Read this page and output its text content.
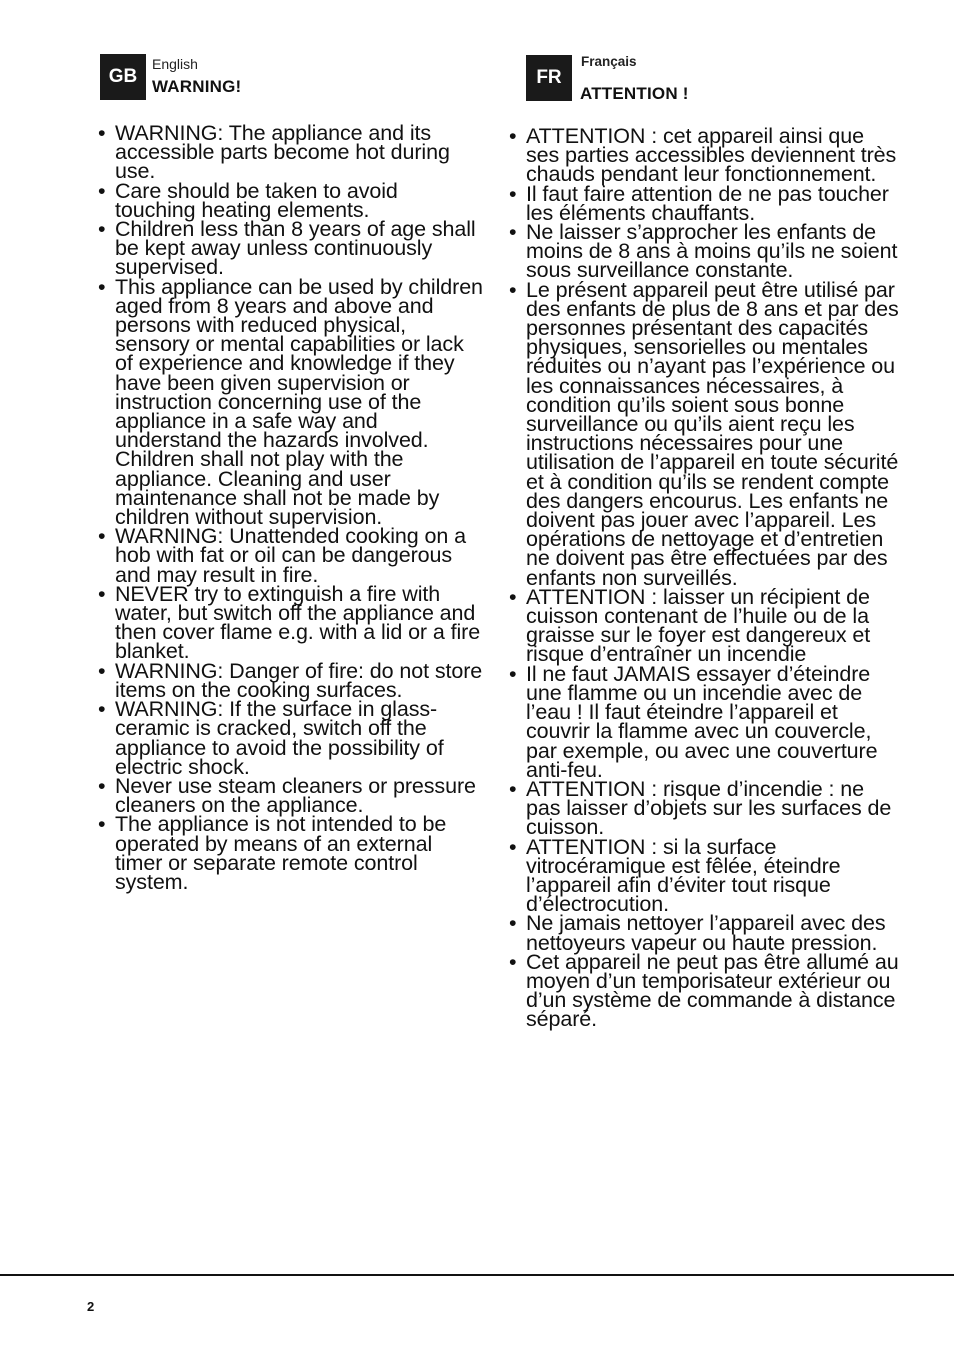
GB
English
WARNING!	FR
Français
ATTENTION !
• WARNING: The appliance and its accessible parts become hot during use.
• Care should be taken to avoid touching heating elements.
• Children less than 8 years of age shall be kept away unless continuously supervised.
• This appliance can be used by children aged from 8 years and above and persons with reduced physical, sensory or mental capabilities or lack of experience and knowledge if they have been given supervision or instruction concerning use of the appliance in a safe way and understand the hazards involved. Children shall not play with the appliance. Cleaning and user maintenance shall not be made by children without supervision.
• WARNING: Unattended cooking on a hob with fat or oil can be dangerous and may result in fire.
• NEVER try to extinguish a fire with water, but switch off the appliance and then cover flame e.g. with a lid or a fire blanket.
• WARNING: Danger of fire: do not store items on the cooking surfaces.
• WARNING: If the surface in glass-ceramic is cracked, switch off the appliance to avoid the possibility of electric shock.
• Never use steam cleaners or pressure cleaners on the appliance.
• The appliance is not intended to be operated by means of an external timer or separate remote control system.
• ATTENTION : cet appareil ainsi que ses parties accessibles deviennent très chauds pendant leur fonctionnement.
• Il faut faire attention de ne pas toucher les éléments chauffants.
• Ne laisser s’approcher les enfants de moins de 8 ans à moins qu’ils ne soient sous surveillance constante.
• Le présent appareil peut être utilisé par des enfants de plus de 8 ans et par des personnes présentant des capacités physiques, sensorielles ou mentales réduites ou n’ayant pas l’expérience ou les connaissances nécessaires, à condition qu’ils soient sous bonne surveillance ou qu’ils aient reçu les instructions nécessaires pour une utilisation de l’appareil en toute sécurité et à condition qu’ils se rendent compte des dangers encourus. Les enfants ne doivent pas jouer avec l’appareil. Les opérations de nettoyage et d’entretien ne doivent pas être effectuées par des enfants non surveillés.
• ATTENTION : laisser un récipient de cuisson contenant de l’huile ou de la graisse sur le foyer est dangereux et risque d’entraîner un incendie
• Il ne faut JAMAIS essayer d’éteindre une flamme ou un incendie avec de l’eau ! Il faut éteindre l’appareil et couvrir la flamme avec un couvercle, par exemple, ou avec une couverture anti-feu.
• ATTENTION : risque d’incendie : ne pas laisser d’objets sur les surfaces de cuisson.
• ATTENTION : si la surface vitrocéramique est fêlée, éteindre l’appareil afin d’éviter tout risque d’électrocution.
• Ne jamais nettoyer l’appareil avec des nettoyeurs vapeur ou haute pression.
• Cet appareil ne peut pas être allumé au moyen d’un temporisateur extérieur ou d’un système de commande à distance séparé.
2
